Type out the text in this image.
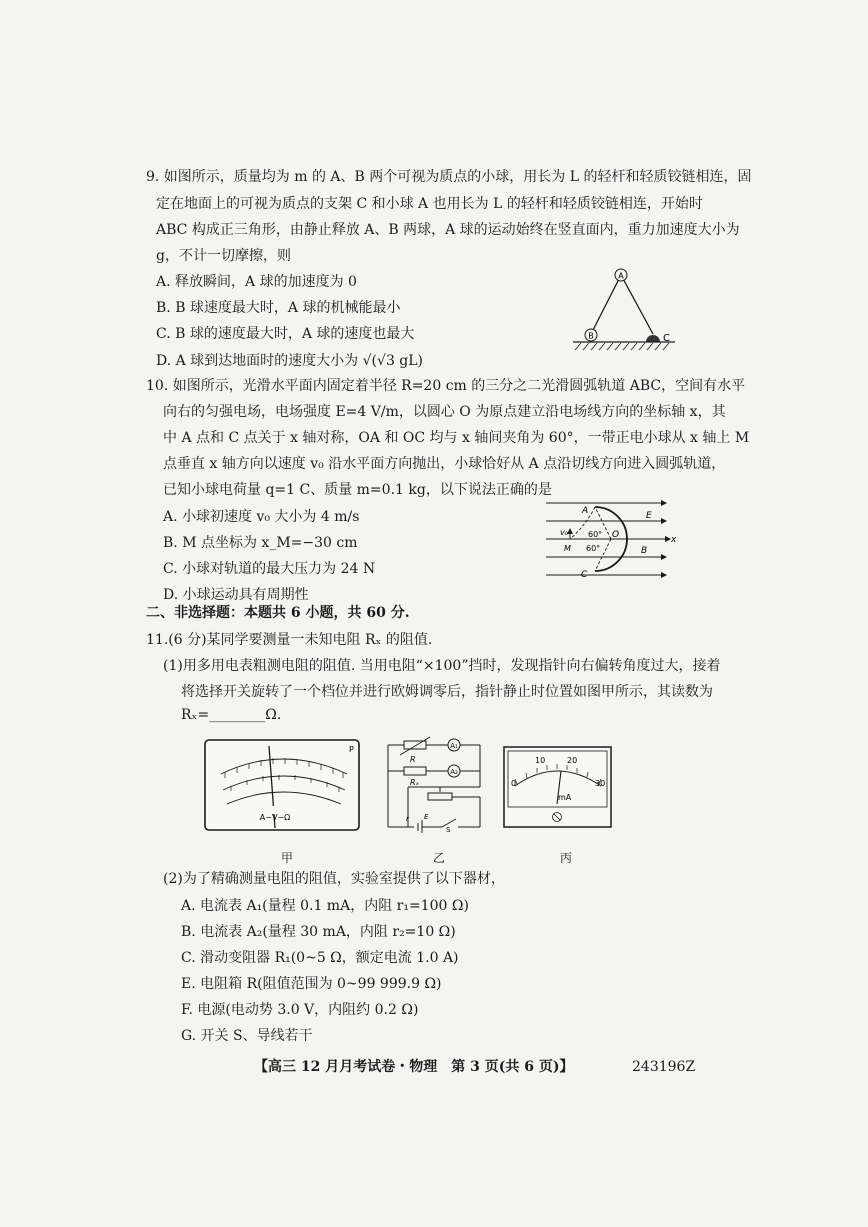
9. 如图所示，质量均为 m 的 A、B 两个可视为质点的小球，用长为 L 的轻杆和轻质铰链相连，固
定在地面上的可视为质点的支架 C 和小球 A 也用长为 L 的轻杆和轻质铰链相连，开始时
ABC 构成正三角形，由静止释放 A、B 两球，A 球的运动始终在竖直面内，重力加速度大小为
g，不计一切摩擦，则
A. 释放瞬间，A 球的加速度为 0
B. B 球速度最大时，A 球的机械能最小
C. B 球的速度最大时，A 球的速度也最大
D. A 球到达地面时的速度大小为 √(√3 gL)
A
B	C
10. 如图所示，光滑水平面内固定着半径 R=20 cm 的三分之二光滑圆弧轨道 ABC，空间有水平
向右的匀强电场，电场强度 E=4 V/m，以圆心 O 为原点建立沿电场线方向的坐标轴 x，其
中 A 点和 C 点关于 x 轴对称，OA 和 OC 均与 x 轴间夹角为 60°，一带正电小球从 x 轴上 M
点垂直 x 轴方向以速度 v₀ 沿水平面方向抛出，小球恰好从 A 点沿切线方向进入圆弧轨道，
已知小球电荷量 q=1 C、质量 m=0.1 kg，以下说法正确的是
A. 小球初速度 v₀ 大小为 4 m/s
B. M 点坐标为 x_M=−30 cm
C. 小球对轨道的最大压力为 24 N
D. 小球运动具有周期性
A	E
v₀	60° O
M 60°	B
x
C
二、非选择题：本题共 6 小题，共 60 分.
11.(6 分)某同学要测量一未知电阻 Rₓ 的阻值.
(1)用多用电表粗测电阻的阻值. 当用电阻“×100”挡时，发现指针向右偏转角度过大，接着
将选择开关旋转了一个档位并进行欧姆调零后，指针静止时位置如图甲所示，其读数为
Rₓ=________Ω.
A−V−Ω
P	A₁
A₂
R
Rₓ
r E
S
0
10	20
30
mA
甲	乙	丙
(2)为了精确测量电阻的阻值，实验室提供了以下器材，
A. 电流表 A₁(量程 0.1 mA，内阻 r₁=100 Ω)
B. 电流表 A₂(量程 30 mA，内阻 r₂=10 Ω)
C. 滑动变阻器 R₁(0~5 Ω，额定电流 1.0 A)
E. 电阻箱 R(阻值范围为 0~99 999.9 Ω)
F. 电源(电动势 3.0 V，内阻约 0.2 Ω)
G. 开关 S、导线若干
【高三 12 月月考试卷・物理　第 3 页(共 6 页)】	243196Z
